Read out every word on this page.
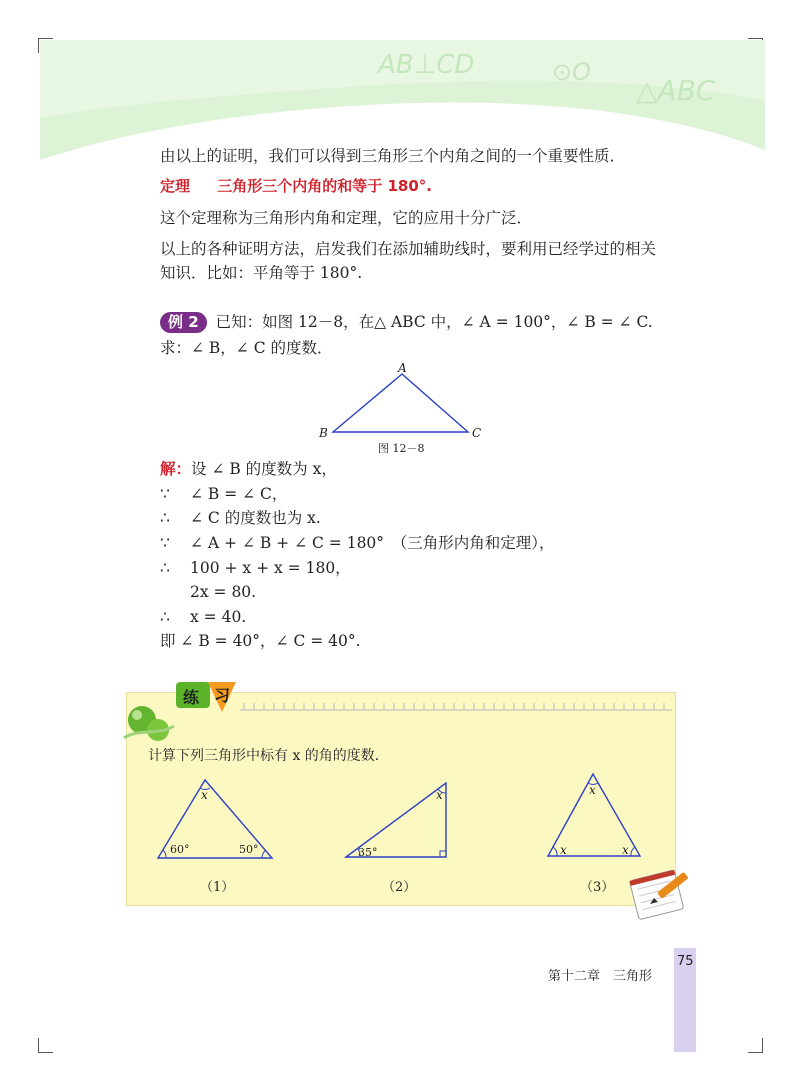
AB⊥CD	⊙O
△ABC
由以上的证明，我们可以得到三角形三个内角之间的一个重要性质．
定理 三角形三个内角的和等于 180°.
这个定理称为三角形内角和定理，它的应用十分广泛．
以上的各种证明方法，启发我们在添加辅助线时，要利用已经学过的相关
知识．比如：平角等于 180°.
例 2 已知：如图 12－8，在△ ABC 中，∠ A = 100°，∠ B = ∠ C.
求：∠ B，∠ C 的度数．
A
B	C
图 12－8
解：设 ∠ B 的度数为 x，
∵ ∠ B = ∠ C，
∴ ∠ C 的度数也为 x.
∵ ∠ A + ∠ B + ∠ C = 180°　（三角形内角和定理），
∴ 100 + x + x = 180，
2x = 80.
∴ x = 40.
即 ∠ B = 40°，∠ C = 40°.
练 习
计算下列三角形中标有 x 的角的度数．
x
60°	50°
（1）
x
35°
（2）
x
x	x
（3）
第十二章　三角形
75
